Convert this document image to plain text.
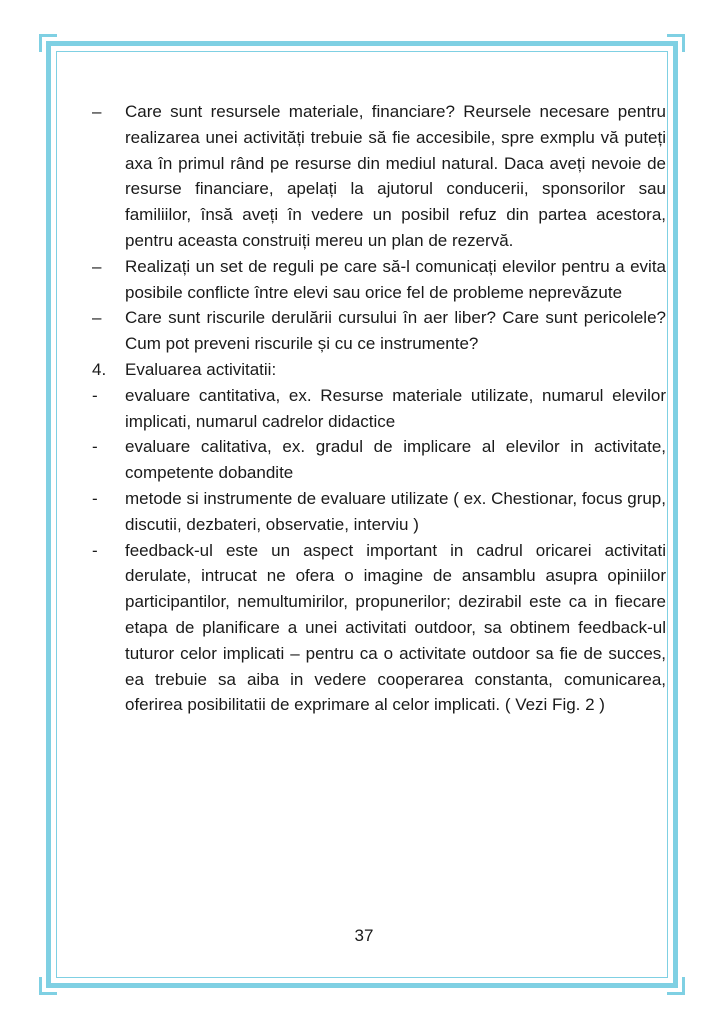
–	Care sunt resursele materiale, financiare? Reursele necesare pentru realizarea unei activități trebuie să fie accesibile, spre exmplu vă puteți axa în primul rând pe resurse din mediul natural. Daca aveți nevoie de resurse financiare, apelați la ajutorul conducerii, sponsorilor sau familiilor, însă aveți în vedere un posibil refuz din partea acestora, pentru aceasta construiți mereu un plan de rezervă.
–	Realizați un set de reguli pe care să-l comunicați elevilor pentru a evita posibile conflicte între elevi sau orice fel de probleme neprevăzute
–	Care sunt riscurile derulării cursului în aer liber? Care sunt pericolele? Cum pot preveni riscurile și cu ce instrumente?
4.	Evaluarea activitatii:
-	evaluare cantitativa, ex. Resurse materiale utilizate, numarul elevilor implicati, numarul cadrelor didactice
-	evaluare calitativa, ex. gradul de implicare al elevilor in activitate, competente dobandite
-	metode si instrumente de evaluare utilizate ( ex. Chestionar, focus grup, discutii, dezbateri, observatie, interviu )
-	feedback-ul este un aspect important in cadrul oricarei activitati derulate, intrucat ne ofera o imagine de ansamblu asupra opiniilor participantilor, nemultumirilor, propunerilor; dezirabil este ca in fiecare etapa de planificare a unei activitati outdoor, sa obtinem feedback-ul tuturor celor implicati – pentru ca o activitate outdoor sa fie de succes, ea trebuie sa aiba in vedere cooperarea constanta, comunicarea, oferirea posibilitatii de exprimare al celor implicati. ( Vezi Fig. 2 )
37
